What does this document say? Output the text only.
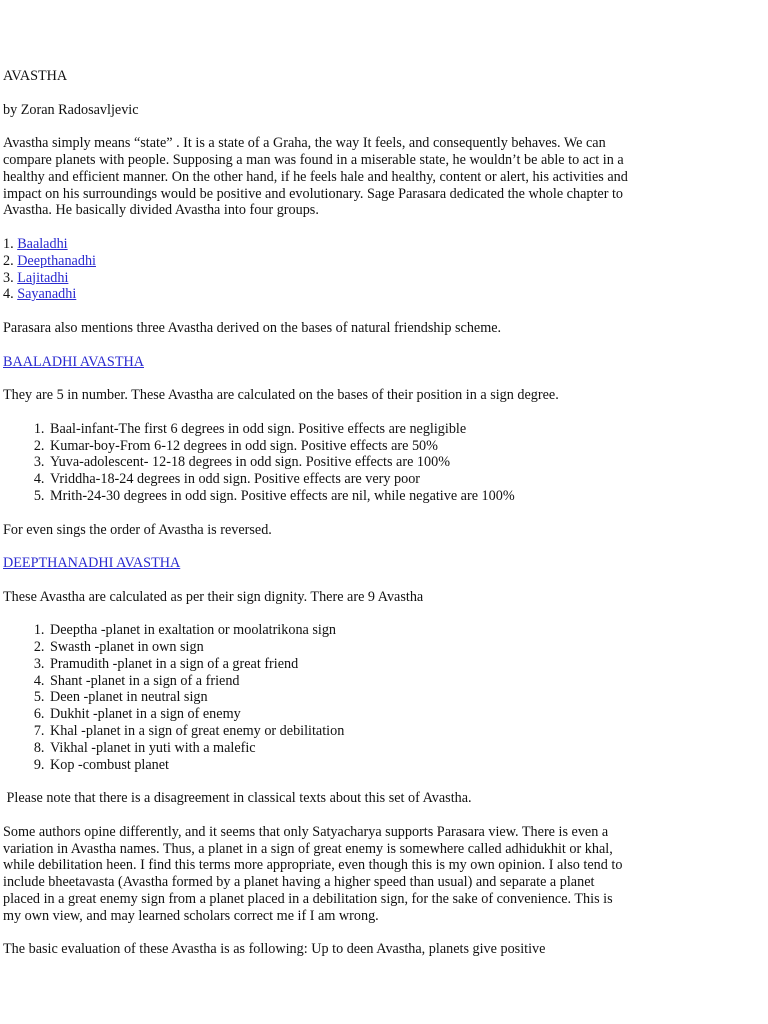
AVASTHA

by Zoran Radosavljevic

Avastha simply means “state” . It is a state of a Graha, the way It feels, and consequently behaves. We can compare planets with people. Supposing a man was found in a miserable state, he wouldn’t be able to act in a healthy and efficient manner. On the other hand, if he feels hale and healthy, content or alert, his activities and impact on his surroundings would be positive and evolutionary. Sage Parasara dedicated the whole chapter to Avastha. He basically divided Avastha into four groups.

1. Baaladhi
2. Deepthanadhi
3. Lajitadhi
4. Sayanadhi

Parasara also mentions three Avastha derived on the bases of natural friendship scheme.

BAALADHI AVASTHA

They are 5 in number. These Avastha are calculated on the bases of their position in a sign degree.

1. Baal-infant-The first 6 degrees in odd sign. Positive effects are negligible
2. Kumar-boy-From 6-12 degrees in odd sign. Positive effects are 50%
3. Yuva-adolescent- 12-18 degrees in odd sign. Positive effects are 100%
4. Vriddha-18-24 degrees in odd sign. Positive effects are very poor
5. Mrith-24-30 degrees in odd sign. Positive effects are nil, while negative are 100%

For even sings the order of Avastha is reversed.

DEEPTHANADHI AVASTHA

These Avastha are calculated as per their sign dignity. There are 9 Avastha

1. Deeptha -planet in exaltation or moolatrikona sign
2. Swasth -planet in own sign
3. Pramudith -planet in a sign of a great friend
4. Shant -planet in a sign of a friend
5. Deen -planet in neutral sign
6. Dukhit -planet in a sign of enemy
7. Khal -planet in a sign of great enemy or debilitation
8. Vikhal -planet in yuti with a malefic
9. Kop -combust planet

Please note that there is a disagreement in classical texts about this set of Avastha.

Some authors opine differently, and it seems that only Satyacharya supports Parasara view. There is even a variation in Avastha names. Thus, a planet in a sign of great enemy is somewhere called adhidukhit or khal, while debilitation heen. I find this terms more appropriate, even though this is my own opinion. I also tend to include bheetavasta (Avastha formed by a planet having a higher speed than usual) and separate a planet placed in a great enemy sign from a planet placed in a debilitation sign, for the sake of convenience. This is my own view, and may learned scholars correct me if I am wrong.

The basic evaluation of these Avastha is as following: Up to deen Avastha, planets give positive
